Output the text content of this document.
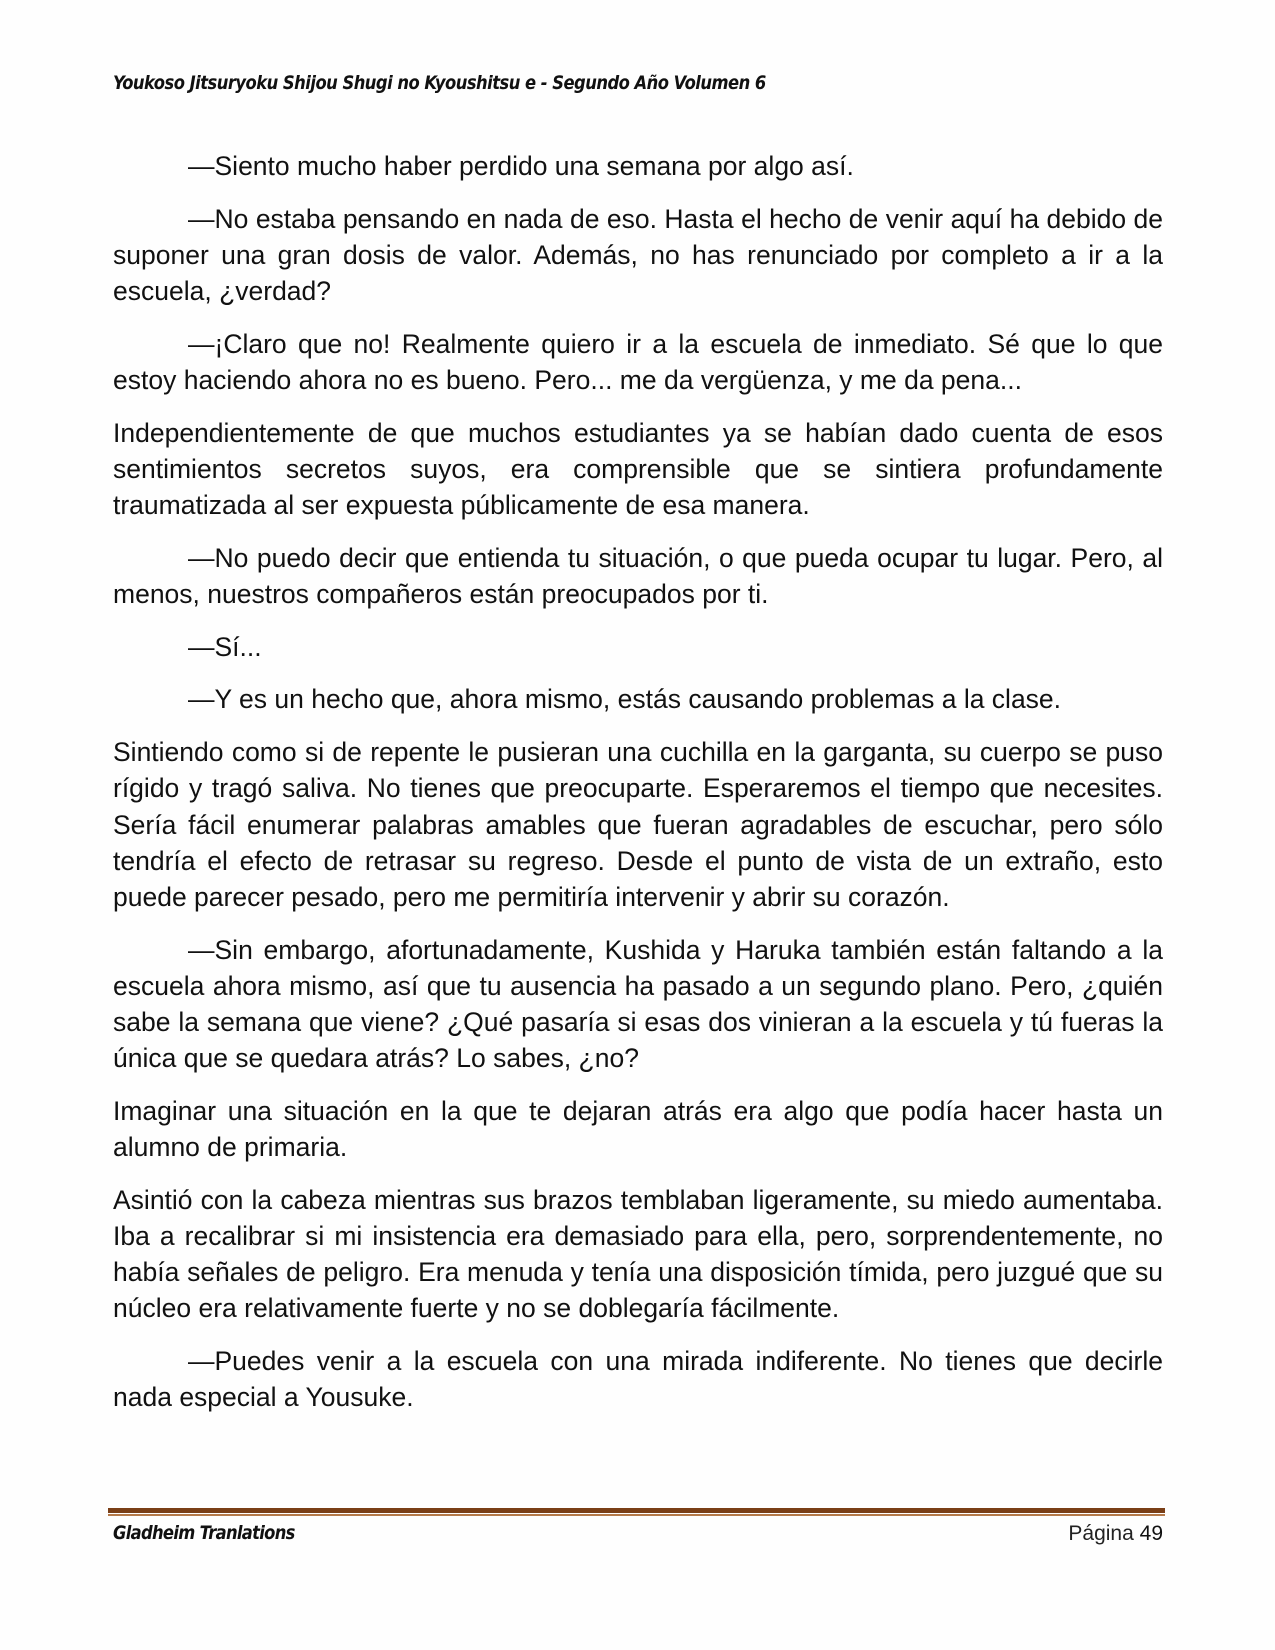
Youkoso Jitsuryoku Shijou Shugi no Kyoushitsu e - Segundo Año Volumen 6

—Siento mucho haber perdido una semana por algo así.

—No estaba pensando en nada de eso. Hasta el hecho de venir aquí ha debido de suponer una gran dosis de valor. Además, no has renunciado por completo a ir a la escuela, ¿verdad?

—¡Claro que no! Realmente quiero ir a la escuela de inmediato. Sé que lo que estoy haciendo ahora no es bueno. Pero... me da vergüenza, y me da pena...

Independientemente de que muchos estudiantes ya se habían dado cuenta de esos sentimientos secretos suyos, era comprensible que se sintiera profundamente traumatizada al ser expuesta públicamente de esa manera.

—No puedo decir que entienda tu situación, o que pueda ocupar tu lugar. Pero, al menos, nuestros compañeros están preocupados por ti.

—Sí...

—Y es un hecho que, ahora mismo, estás causando problemas a la clase.

Sintiendo como si de repente le pusieran una cuchilla en la garganta, su cuerpo se puso rígido y tragó saliva. No tienes que preocuparte. Esperaremos el tiempo que necesites. Sería fácil enumerar palabras amables que fueran agradables de escuchar, pero sólo tendría el efecto de retrasar su regreso. Desde el punto de vista de un extraño, esto puede parecer pesado, pero me permitiría intervenir y abrir su corazón.

—Sin embargo, afortunadamente, Kushida y Haruka también están faltando a la escuela ahora mismo, así que tu ausencia ha pasado a un segundo plano. Pero, ¿quién sabe la semana que viene? ¿Qué pasaría si esas dos vinieran a la escuela y tú fueras la única que se quedara atrás? Lo sabes, ¿no?

Imaginar una situación en la que te dejaran atrás era algo que podía hacer hasta un alumno de primaria.

Asintió con la cabeza mientras sus brazos temblaban ligeramente, su miedo aumentaba. Iba a recalibrar si mi insistencia era demasiado para ella, pero, sorprendentemente, no había señales de peligro. Era menuda y tenía una disposición tímida, pero juzgué que su núcleo era relativamente fuerte y no se doblegaría fácilmente.

—Puedes venir a la escuela con una mirada indiferente. No tienes que decirle nada especial a Yousuke.

Gladheim Tranlations	Página 49
